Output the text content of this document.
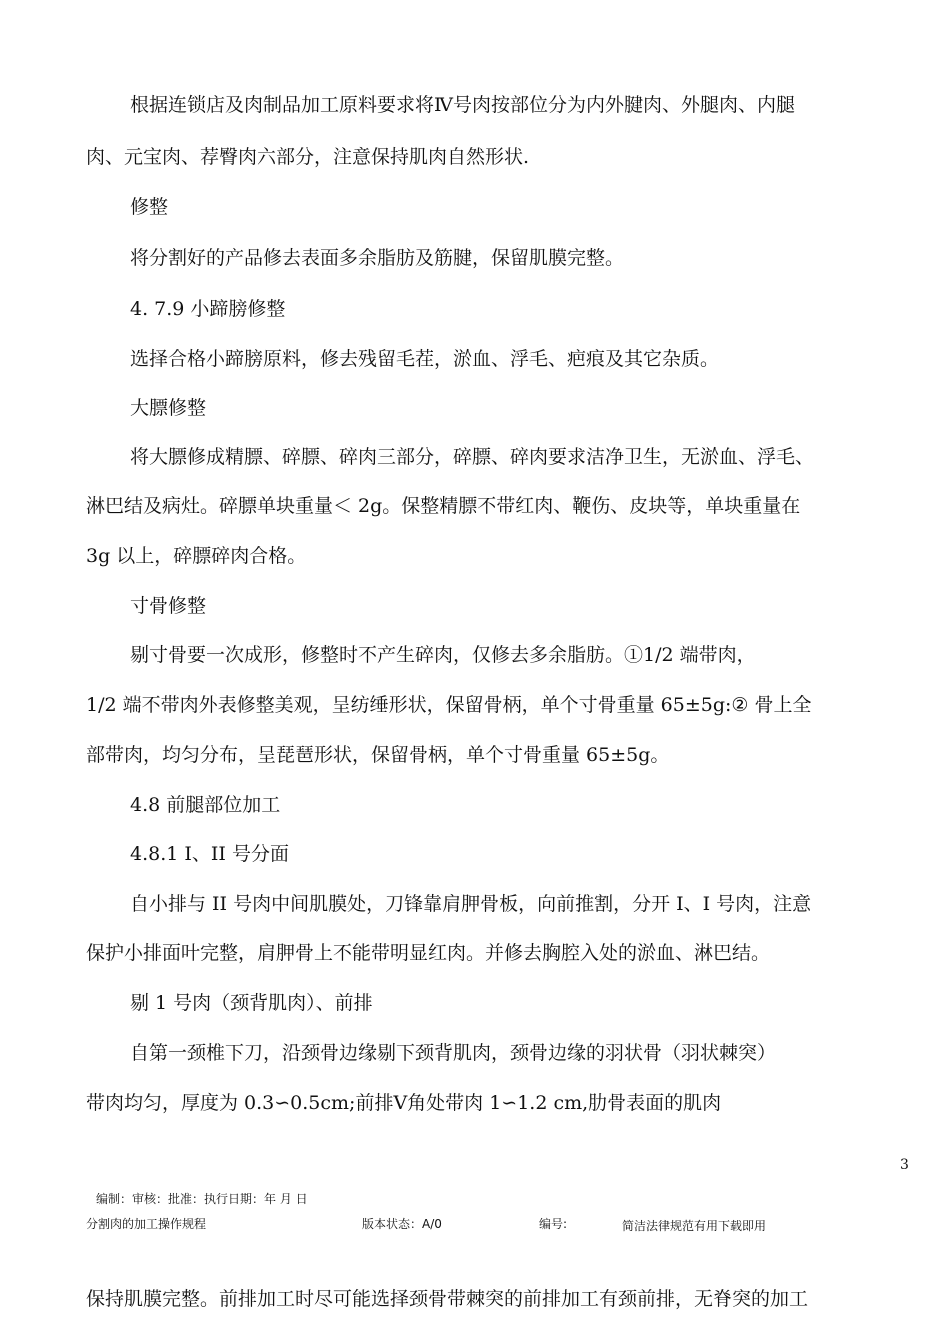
根据连锁店及肉制品加工原料要求将Ⅳ号肉按部位分为内外腱肉、外腿肉、内腿
肉、元宝肉、荐臀肉六部分，注意保持肌肉自然形状.
修整
将分割好的产品修去表面多余脂肪及筋腱，保留肌膜完整。
4. 7.9 小蹄膀修整
选择合格小蹄膀原料，修去残留毛茬，淤血、浮毛、疤痕及其它杂质。
大膘修整
将大膘修成精膘、碎膘、碎肉三部分，碎膘、碎肉要求洁净卫生，无淤血、浮毛、
淋巴结及病灶。碎膘单块重量＜ 2g。保整精膘不带红肉、鞭伤、皮块等，单块重量在
3g 以上，碎膘碎肉合格。
寸骨修整
剔寸骨要一次成形，修整时不产生碎肉，仅修去多余脂肪。①1/2 端带肉，
1/2 端不带肉外表修整美观，呈纺缍形状，保留骨柄，单个寸骨重量 65±5g:② 骨上全
部带肉，均匀分布，呈琵琶形状，保留骨柄，单个寸骨重量 65±5g。
4.8 前腿部位加工
4.8.1 I、II 号分面
自小排与 II 号肉中间肌膜处，刀锋靠肩胛骨板，向前推割，分开 I、I 号肉，注意
保护小排面叶完整，肩胛骨上不能带明显红肉。并修去胸腔入处的淤血、淋巴结。
剔 1 号肉（颈背肌肉）、前排
自第一颈椎下刀，沿颈骨边缘剔下颈背肌肉，颈骨边缘的羽状骨（羽状棘突）
带肉均匀，厚度为 0.3∽0.5cm;前排Ⅴ角处带肉 1∽1.2 cm,肋骨表面的肌肉
3
编制：审核：批准：执行日期：年 月 日
分割肉的加工操作规程	版本状态：A/0	编号:	简洁法律规范有用下载即用
保持肌膜完整。前排加工时尽可能选择颈骨带棘突的前排加工有颈前排，无脊突的加工
